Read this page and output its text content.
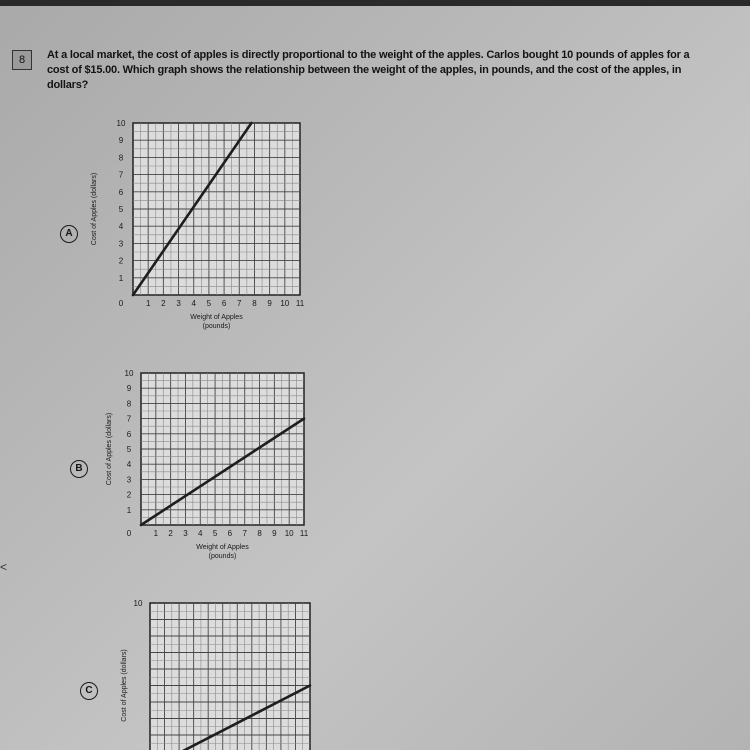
8	At a local market, the cost of apples is directly proportional to the weight of the apples. Carlos bought 10 pounds of apples for a cost of $15.00. Which graph shows the relationship between the weight of the apples, in pounds, and the cost of the apples, in dollars?
A
B
C
0	1 2 3 4 5 6 7 8 9 10 11
1
2
3
4
5
6
7
8
9
10
Cost of Apples (dollars)
Weight of Apples
(pounds)
0	1 2 3 4 5 6 7 8 9 10 11
1
2
3
4
5
6
7
8
9
10
Cost of Apples (dollars)
Weight of Apples
(pounds)
10
Cost of Apples (dollars)
<
